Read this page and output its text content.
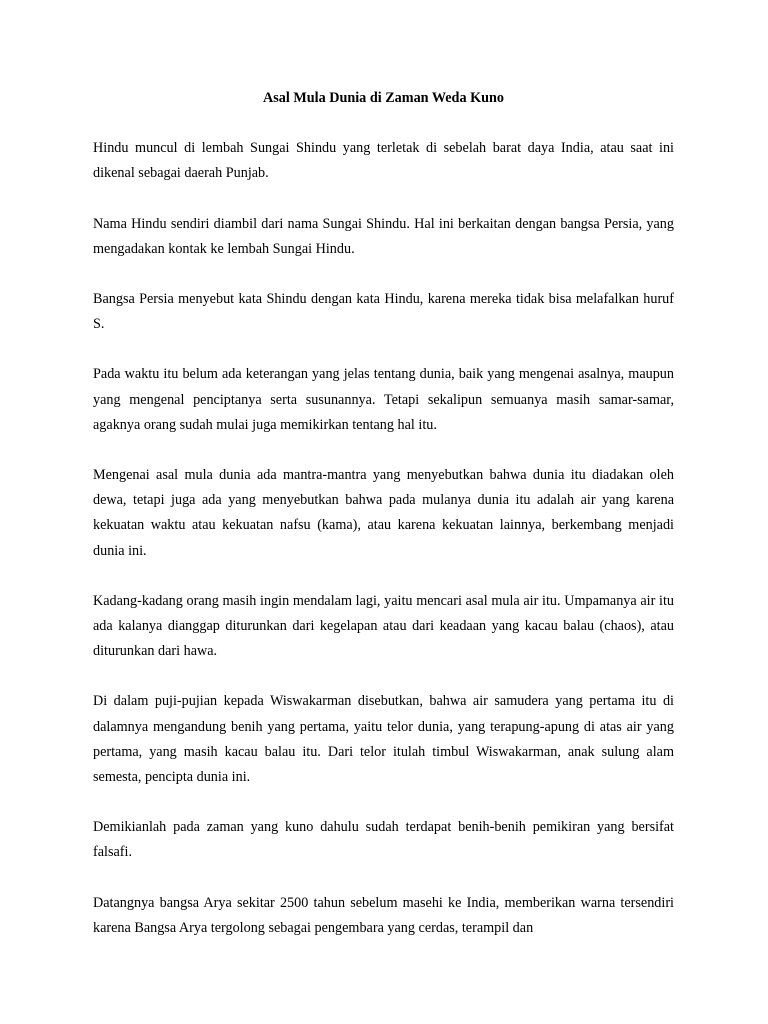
Asal Mula Dunia di Zaman Weda Kuno

Hindu muncul di lembah Sungai Shindu yang terletak di sebelah barat daya India, atau saat ini dikenal sebagai daerah Punjab.

Nama Hindu sendiri diambil dari nama Sungai Shindu. Hal ini berkaitan dengan bangsa Persia, yang mengadakan kontak ke lembah Sungai Hindu.

Bangsa Persia menyebut kata Shindu dengan kata Hindu, karena mereka tidak bisa melafalkan huruf S.

Pada waktu itu belum ada keterangan yang jelas tentang dunia, baik yang mengenai asalnya, maupun yang mengenal penciptanya serta susunannya. Tetapi sekalipun semuanya masih samar-samar, agaknya orang sudah mulai juga memikirkan tentang hal itu.

Mengenai asal mula dunia ada mantra-mantra yang menyebutkan bahwa dunia itu diadakan oleh dewa, tetapi juga ada yang menyebutkan bahwa pada mulanya dunia itu adalah air yang karena kekuatan waktu atau kekuatan nafsu (kama), atau karena kekuatan lainnya, berkembang menjadi dunia ini.

Kadang-kadang orang masih ingin mendalam lagi, yaitu mencari asal mula air itu. Umpamanya air itu ada kalanya dianggap diturunkan dari kegelapan atau dari keadaan yang kacau balau (chaos), atau diturunkan dari hawa.

Di dalam puji-pujian kepada Wiswakarman disebutkan, bahwa air samudera yang pertama itu di dalamnya mengandung benih yang pertama, yaitu telor dunia, yang terapung-apung di atas air yang pertama, yang masih kacau balau itu. Dari telor itulah timbul Wiswakarman, anak sulung alam semesta, pencipta dunia ini.

Demikianlah pada zaman yang kuno dahulu sudah terdapat benih-benih pemikiran yang bersifat falsafi.

Datangnya bangsa Arya sekitar 2500 tahun sebelum masehi ke India, memberikan warna tersendiri karena Bangsa Arya tergolong sebagai pengembara yang cerdas, terampil dan
